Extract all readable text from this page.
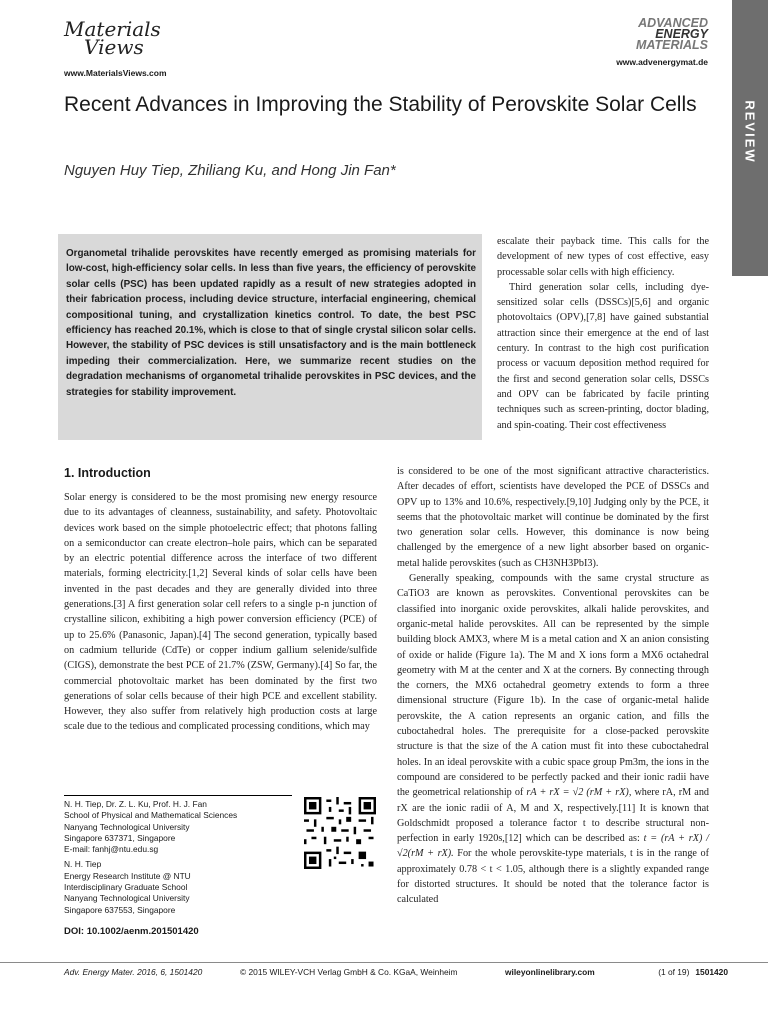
Materials
Views
www.MaterialsViews.com
ADVANCED
ENERGY
MATERIALS
www.advenergymat.de
REVIEW
Recent Advances in Improving the Stability of Perovskite Solar Cells
Nguyen Huy Tiep, Zhiliang Ku, and Hong Jin Fan*
Organometal trihalide perovskites have recently emerged as promising materials for low-cost, high-efficiency solar cells. In less than five years, the efficiency of perovskite solar cells (PSC) has been updated rapidly as a result of new strategies adopted in their fabrication process, including device structure, interfacial engineering, chemical compositional tuning, and crystallization kinetics control. To date, the best PSC efficiency has reached 20.1%, which is close to that of single crystal silicon solar cells. However, the stability of PSC devices is still unsatisfactory and is the main bottleneck impeding their commercialization. Here, we summarize recent studies on the degradation mechanisms of organometal trihalide perovskites in PSC devices, and the strategies for stability improvement.

escalate their payback time. This calls for the development of new types of cost effective, easy processable solar cells with high efficiency.

Third generation solar cells, including dye-sensitized solar cells (DSSCs)[5,6] and organic photovoltaics (OPV),[7,8] have gained substantial attraction since their emergence at the end of last century. In contrast to the high cost purification process or vacuum deposition method required for the first and second generation solar cells, DSSCs and OPV can be fabricated by facile printing techniques such as screen-printing, doctor blading, and spin-coating. Their cost effectiveness

1. Introduction

Solar energy is considered to be the most promising new energy resource due to its advantages of cleanness, sustainability, and safety. Photovoltaic devices work based on the simple photoelectric effect; that photons falling on a semiconductor can create electron–hole pairs, which can be separated by an electric potential difference across the interface of two different materials, forming electricity.[1,2] Several kinds of solar cells have been invented in the past decades and they are generally divided into three generations.[3] A first generation solar cell refers to a single p-n junction of crystalline silicon, exhibiting a high power conversion efficiency (PCE) of up to 25.6% (Panasonic, Japan).[4] The second generation, typically based on cadmium telluride (CdTe) or copper indium gallium selenide/sulfide (CIGS), demonstrate the best PCE of 21.7% (ZSW, Germany).[4] So far, the commercial photovoltaic market has been dominated by the first two generations of solar cells because of their high PCE and excellent stability. However, they also suffer from relatively high production costs at large scale due to the tedious and complicated processing conditions, which may

is considered to be one of the most significant attractive characteristics. After decades of effort, scientists have developed the PCE of DSSCs and OPV up to 13% and 10.6%, respectively.[9,10] Judging only by the PCE, it seems that the photovoltaic market will continue be dominated by the first two generation solar cells. However, this dominance is now being challenged by the emergence of a new light absorber based on organic-metal halide perovskites (such as CH3NH3PbI3).

Generally speaking, compounds with the same crystal structure as CaTiO3 are known as perovskites. Conventional perovskites can be classified into inorganic oxide perovskites, alkali halide perovskites, and organic-metal halide perovskites. All can be represented by the simple building block AMX3, where M is a metal cation and X an anion consisting of oxide or halide (Figure 1a). The M and X ions form a MX6 octahedral geometry with M at the center and X at the corners. By connecting through the corners, the MX6 octahedral geometry extends to form a three dimensional structure (Figure 1b). In the case of organic-metal halide perovskite, the A cation represents an organic cation, and fills the cuboctahedral holes. The prerequisite for a close-packed perovskite structure is that the size of the A cation must fit into these cuboctahedral holes. In an ideal perovskite with a cubic space group Pm3m, the ions in the compound are considered to be perfectly packed and their ionic radii have the geometrical relationship of rA + rX = √2 (rM + rX), where rA, rM and rX are the ionic radii of A, M and X, respectively.[11] It is known that Goldschmidt proposed a tolerance factor t to describe structural non-perfection in early 1920s,[12] which can be described as: t = (rA + rX) / √2(rM + rX). For the whole perovskite-type materials, t is in the range of approximately 0.78 < t < 1.05, although there is a slightly expanded range for distorted structures. It should be noted that the tolerance factor is calculated

N. H. Tiep, Dr. Z. L. Ku, Prof. H. J. Fan

School of Physical and Mathematical Sciences

Nanyang Technological University

Singapore 637371, Singapore

E-mail: fanhj@ntu.edu.sg

N. H. Tiep

Energy Research Institute @ NTU

Interdisciplinary Graduate School

Nanyang Technological University

Singapore 637553, Singapore

DOI: 10.1002/aenm.201501420
Adv. Energy Mater. 2016, 6, 1501420	© 2015 WILEY-VCH Verlag GmbH & Co. KGaA, Weinheim	wileyonlinelibrary.com	(1 of 19) 1501420
